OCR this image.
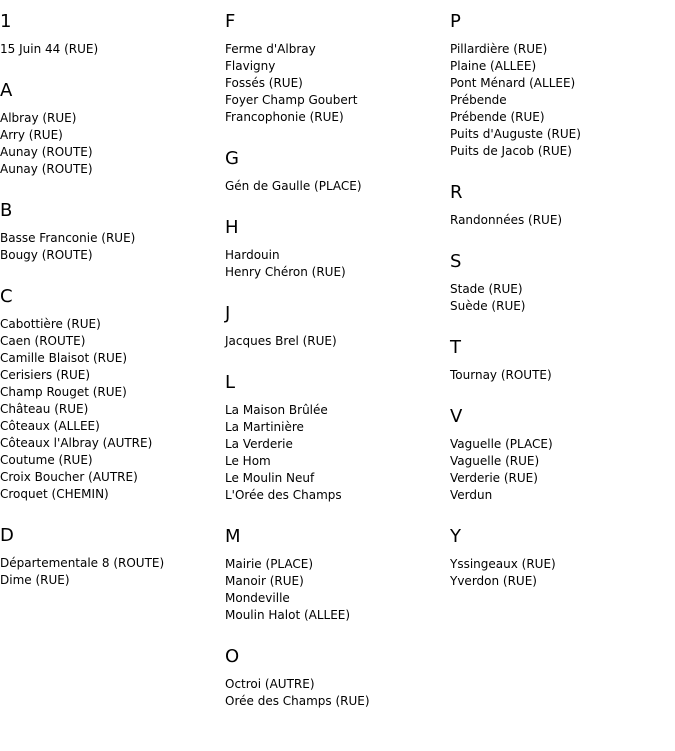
1
15 Juin 44 (RUE)
A
Albray (RUE)
Arry (RUE)
Aunay (ROUTE)
Aunay (ROUTE)
B
Basse Franconie (RUE)
Bougy (ROUTE)
C
Cabottière (RUE)
Caen (ROUTE)
Camille Blaisot (RUE)
Cerisiers (RUE)
Champ Rouget (RUE)
Château (RUE)
Côteaux (ALLEE)
Côteaux l'Albray (AUTRE)
Coutume (RUE)
Croix Boucher (AUTRE)
Croquet (CHEMIN)
D
Départementale 8 (ROUTE)
Dime (RUE)
F
Ferme d'Albray
Flavigny
Fossés (RUE)
Foyer Champ Goubert
Francophonie (RUE)
G
Gén de Gaulle (PLACE)
H
Hardouin
Henry Chéron (RUE)
J
Jacques Brel (RUE)
L
La Maison Brûlée
La Martinière
La Verderie
Le Hom
Le Moulin Neuf
L'Orée des Champs
M
Mairie (PLACE)
Manoir (RUE)
Mondeville
Moulin Halot (ALLEE)
O
Octroi (AUTRE)
Orée des Champs (RUE)
P
Pillardière (RUE)
Plaine (ALLEE)
Pont Ménard (ALLEE)
Prébende
Prébende (RUE)
Puits d'Auguste (RUE)
Puits de Jacob (RUE)
R
Randonnées (RUE)
S
Stade (RUE)
Suède (RUE)
T
Tournay (ROUTE)
V
Vaguelle (PLACE)
Vaguelle (RUE)
Verderie (RUE)
Verdun
Y
Yssingeaux (RUE)
Yverdon (RUE)
